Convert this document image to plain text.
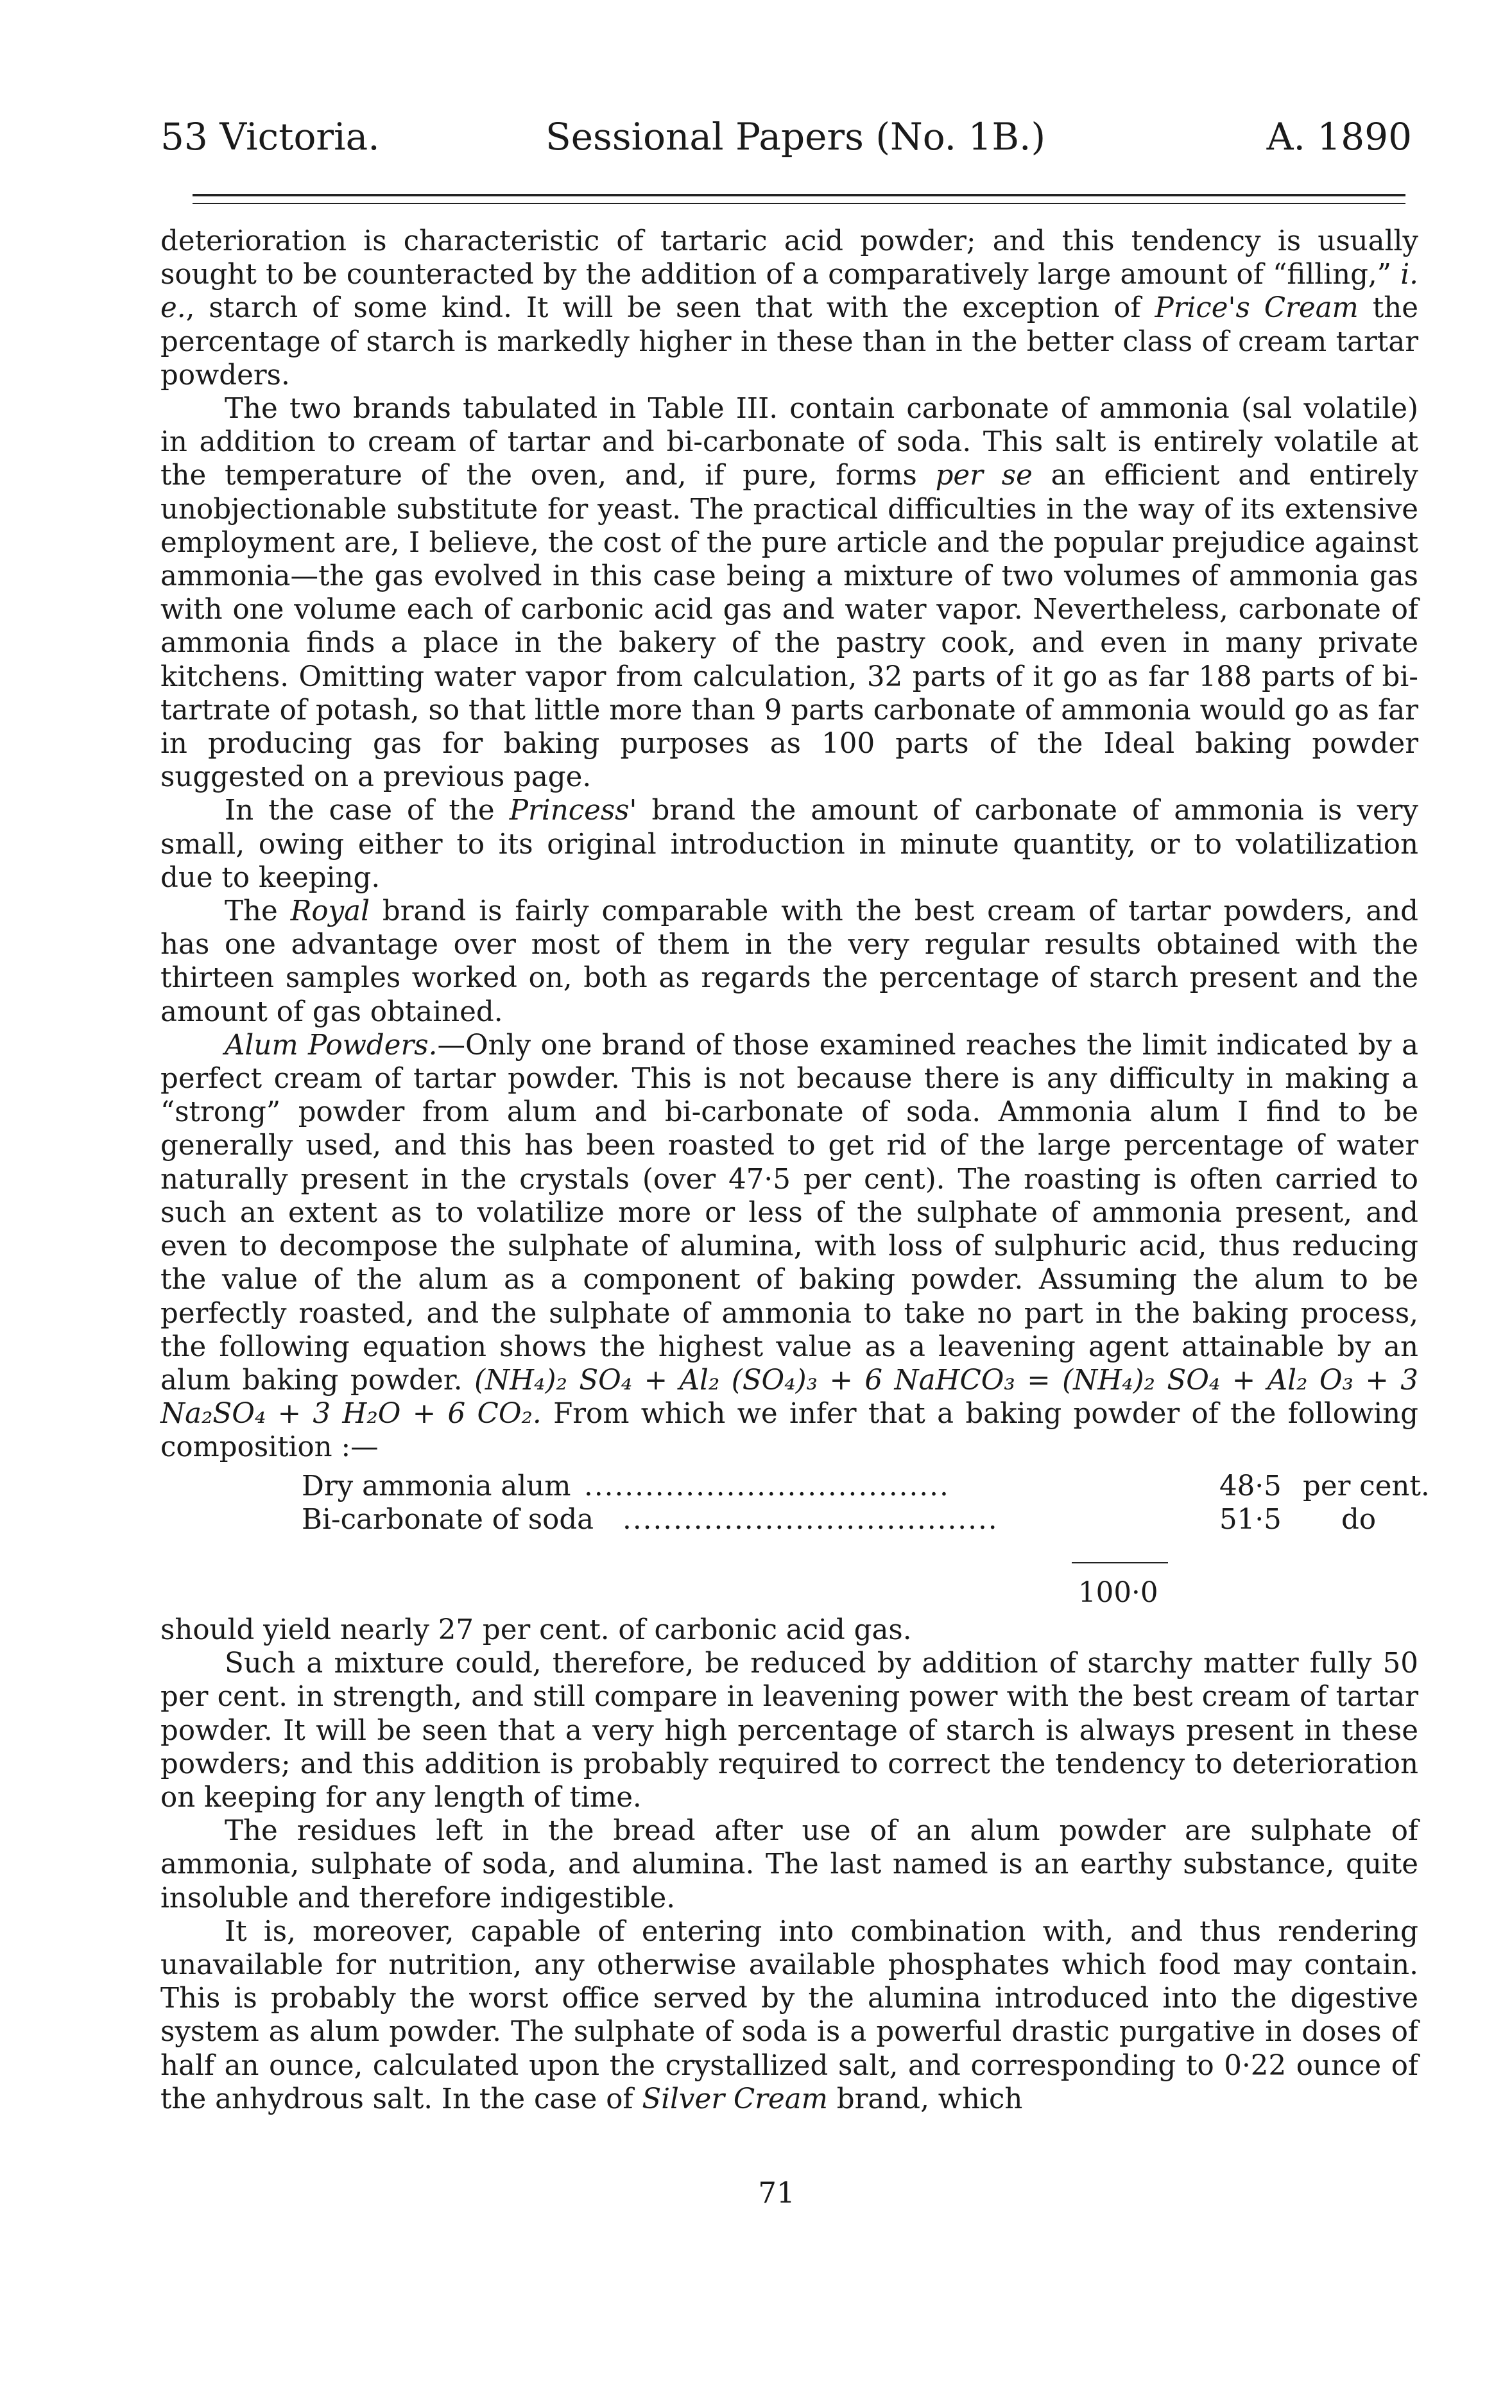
53 Victoria.	Sessional Papers (No. 1B.)	A. 1890

deterioration is characteristic of tartaric acid powder; and this tendency is usually sought to be counteracted by the addition of a comparatively large amount of “filling,” i. e., starch of some kind. It will be seen that with the exception of Price's Cream the percentage of starch is markedly higher in these than in the better class of cream tartar powders.

The two brands tabulated in Table III. contain carbonate of ammonia (sal volatile) in addition to cream of tartar and bi-carbonate of soda. This salt is entirely volatile at the temperature of the oven, and, if pure, forms per se an efficient and entirely unobjectionable substitute for yeast. The practical difficulties in the way of its extensive employment are, I believe, the cost of the pure article and the popular prejudice against ammonia—the gas evolved in this case being a mixture of two volumes of ammonia gas with one volume each of carbonic acid gas and water vapor. Nevertheless, carbonate of ammonia finds a place in the bakery of the pastry cook, and even in many private kitchens. Omitting water vapor from calculation, 32 parts of it go as far 188 parts of bi-tartrate of potash, so that little more than 9 parts carbonate of ammonia would go as far in producing gas for baking purposes as 100 parts of the Ideal baking powder suggested on a previous page.

In the case of the Princess' brand the amount of carbonate of ammonia is very small, owing either to its original introduction in minute quantity, or to volatilization due to keeping.

The Royal brand is fairly comparable with the best cream of tartar powders, and has one advantage over most of them in the very regular results obtained with the thirteen samples worked on, both as regards the percentage of starch present and the amount of gas obtained.

Alum Powders.—Only one brand of those examined reaches the limit indicated by a perfect cream of tartar powder. This is not because there is any difficulty in making a “strong” powder from alum and bi-carbonate of soda. Ammonia alum I find to be generally used, and this has been roasted to get rid of the large percentage of water naturally present in the crystals (over 47·5 per cent). The roasting is often carried to such an extent as to volatilize more or less of the sulphate of ammonia present, and even to decompose the sulphate of alumina, with loss of sulphuric acid, thus reducing the value of the alum as a component of baking powder. Assuming the alum to be perfectly roasted, and the sulphate of ammonia to take no part in the baking process, the following equation shows the highest value as a leavening agent attainable by an alum baking powder. (NH₄)₂ SO₄ + Al₂ (SO₄)₃ + 6 NaHCO₃ = (NH₄)₂ SO₄ + Al₂ O₃ + 3 Na₂SO₄ + 3 H₂O + 6 CO₂. From which we infer that a baking powder of the following composition :—

Dry ammonia alum ....................................	48·5 per cent.
Bi-carbonate of soda .....................................	51·5 do
100·0

should yield nearly 27 per cent. of carbonic acid gas.

Such a mixture could, therefore, be reduced by addition of starchy matter fully 50 per cent. in strength, and still compare in leavening power with the best cream of tartar powder. It will be seen that a very high percentage of starch is always present in these powders; and this addition is probably required to correct the tendency to deterioration on keeping for any length of time.

The residues left in the bread after use of an alum powder are sulphate of ammonia, sulphate of soda, and alumina. The last named is an earthy substance, quite insoluble and therefore indigestible.

It is, moreover, capable of entering into combination with, and thus rendering unavailable for nutrition, any otherwise available phosphates which food may contain. This is probably the worst office served by the alumina introduced into the digestive system as alum powder. The sulphate of soda is a powerful drastic purgative in doses of half an ounce, calculated upon the crystallized salt, and corresponding to 0·22 ounce of the anhydrous salt. In the case of Silver Cream brand, which

71
